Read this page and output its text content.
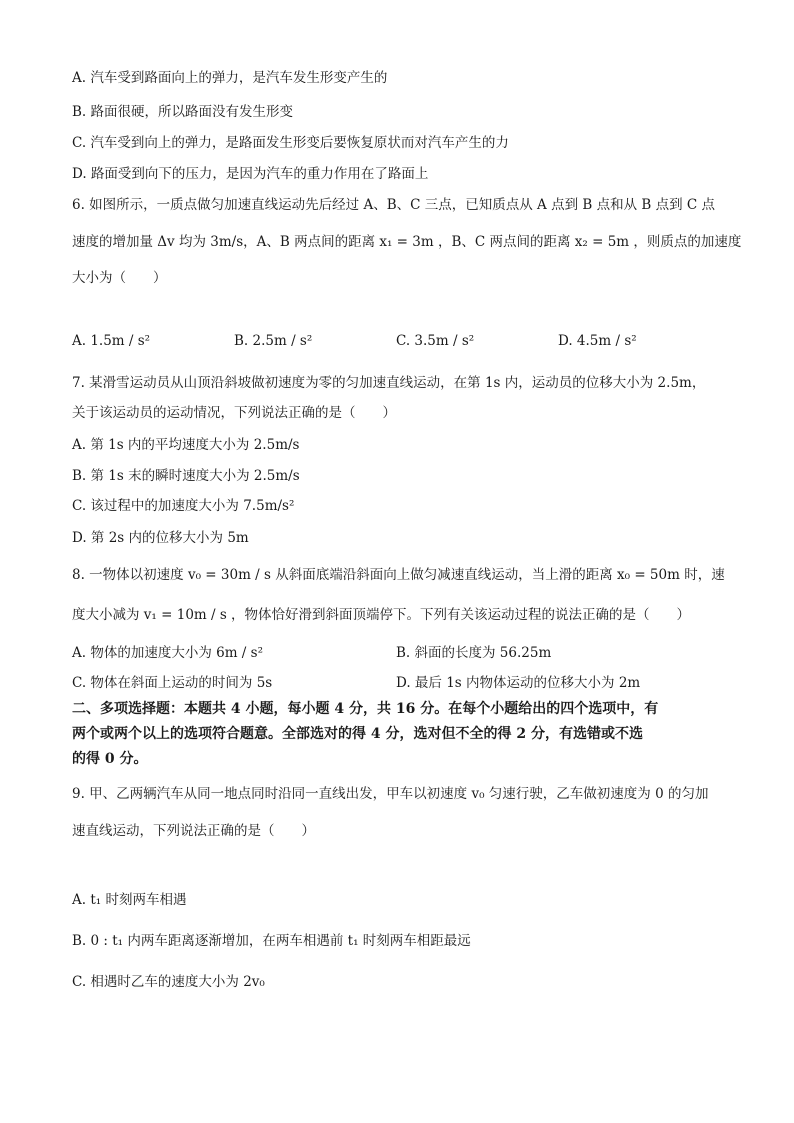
A. 汽车受到路面向上的弹力，是汽车发生形变产生的
B. 路面很硬，所以路面没有发生形变
C. 汽车受到向上的弹力，是路面发生形变后要恢复原状而对汽车产生的力
D. 路面受到向下的压力，是因为汽车的重力作用在了路面上
6. 如图所示，一质点做匀加速直线运动先后经过 A、B、C 三点，已知质点从 A 点到 B 点和从 B 点到 C 点
速度的增加量 Δv 均为 3m/s，A、B 两点间的距离 x₁ = 3m ，B、C 两点间的距离 x₂ = 5m ，则质点的加速度
大小为（　　）
A. 1.5m / s²	B. 2.5m / s²	C. 3.5m / s²	D. 4.5m / s²
7. 某滑雪运动员从山顶沿斜坡做初速度为零的匀加速直线运动，在第 1s 内，运动员的位移大小为 2.5m，
关于该运动员的运动情况，下列说法正确的是（　　）
A. 第 1s 内的平均速度大小为 2.5m/s
B. 第 1s 末的瞬时速度大小为 2.5m/s
C. 该过程中的加速度大小为 7.5m/s²
D. 第 2s 内的位移大小为 5m
8. 一物体以初速度 v₀ = 30m / s 从斜面底端沿斜面向上做匀减速直线运动，当上滑的距离 x₀ = 50m 时，速
度大小减为 v₁ = 10m / s ，物体恰好滑到斜面顶端停下。下列有关该运动过程的说法正确的是（　　）
A. 物体的加速度大小为 6m / s²	B. 斜面的长度为 56.25m
C. 物体在斜面上运动的时间为 5s	D. 最后 1s 内物体运动的位移大小为 2m
二、多项选择题：本题共 4 小题，每小题 4 分，共 16 分。在每个小题给出的四个选项中，有
两个或两个以上的选项符合题意。全部选对的得 4 分，选对但不全的得 2 分，有选错或不选
的得 0 分。
9. 甲、乙两辆汽车从同一地点同时沿同一直线出发，甲车以初速度 v₀ 匀速行驶，乙车做初速度为 0 的匀加
速直线运动，下列说法正确的是（　　）
A. t₁ 时刻两车相遇
B. 0 : t₁ 内两车距离逐渐增加，在两车相遇前 t₁ 时刻两车相距最远
C. 相遇时乙车的速度大小为 2v₀
